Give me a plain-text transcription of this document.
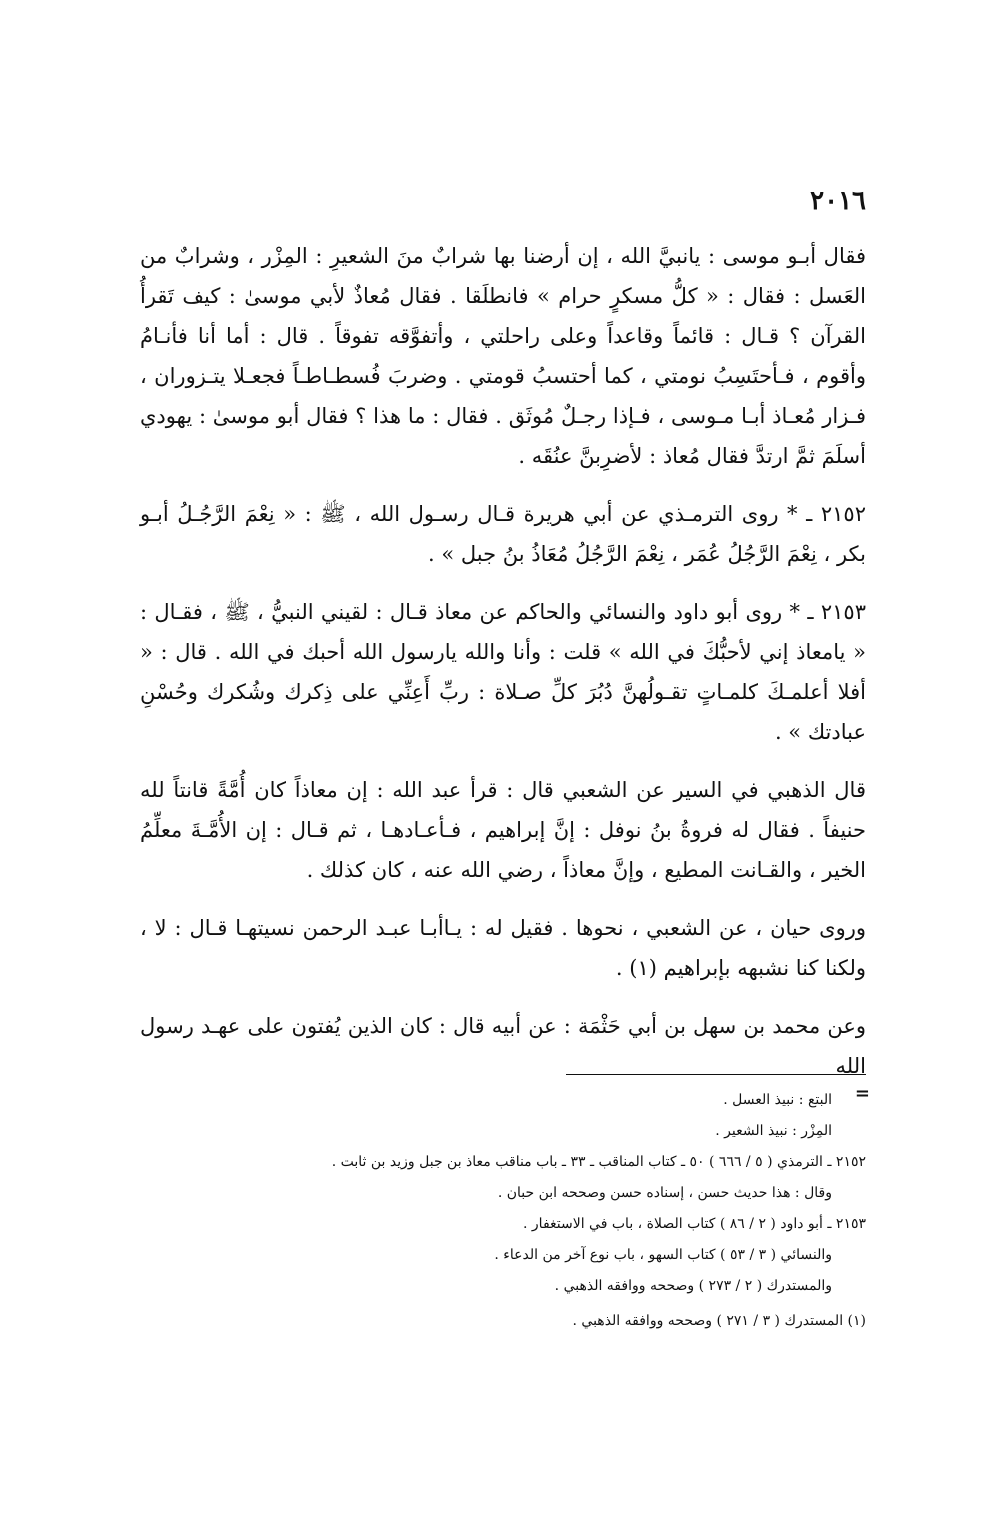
٢٠١٦

فقال أبـو موسى : يانبيَّ الله ، إن أرضنا بها شرابٌ منَ الشعيرِ : المِزْر ، وشرابٌ من العَسل : فقال : « كلُّ مسكرٍ حرام » فانطلَقا . فقال مُعاذٌ لأبي موسىٰ : كيف تَقرأُ القرآن ؟ قـال : قائماً وقاعداً وعلى راحلتي ، وأتفوَّقه تفوقاً . قال : أما أنا فأنـامُ وأقوم ، فـأحتَسِبُ نومتي ، كما أحتسبُ قومتي . وضربَ فُسطـاطـاً فجعـلا يتـزوران ، فـزار مُعـاذ أبـا مـوسى ، فـإذا رجـلٌ مُوثَق . فقال : ما هذا ؟ فقال أبو موسىٰ : يهودي أسلَمَ ثمَّ ارتدَّ فقال مُعاذ : لأضرِبنَّ عنُقَه .

٢١٥٢ ـ * روى الترمـذي عن أبي هريرة قـال رسـول الله ، ﷺ : « نِعْمَ الرَّجُـلُ أبـو بكر ، نِعْمَ الرَّجُلُ عُمَر ، نِعْمَ الرَّجُلُ مُعَاذُ بنُ جبل » .

٢١٥٣ ـ * روى أبو داود والنسائي والحاكم عن معاذ قـال : لقيني النبيُّ ، ﷺ ، فقـال : « يامعاذ إني لأحبُّكَ في الله » قلت : وأنا والله يارسول الله أحبك في الله . قال : « أفلا أعلمـكَ كلمـاتٍ تقـولُهنَّ دُبُرَ كلِّ صـلاة : ربِّ أَعِنِّي على ذِكرك وشُكرك وحُسْنِ عبادتك » .

قال الذهبي في السير عن الشعبي قال : قرأ عبد الله : إن معاذاً كان أُمَّةً قانتاً لله حنيفاً . فقال له فروةُ بنُ نوفل : إنَّ إبراهيم ، فـأعـادهـا ، ثم قـال : إن الأُمَّـةَ معلِّمُ الخير ، والقـانت المطيع ، وإنَّ معاذاً ، رضي الله عنه ، كان كذلك .

وروى حيان ، عن الشعبي ، نحوها . فقيل له : يـاأبـا عبـد الرحمن نسيتهـا قـال : لا ، ولكنا كنا نشبهه بإبراهيم (١) .

وعن محمد بن سهل بن أبي حَثْمَة : عن أبيه قال : كان الذين يُفتون على عهـد رسول الله

=
البتع : نبيذ العسل .
المِزْر : نبيذ الشعير .
٢١٥٢ ـ الترمذي ( ٥ / ٦٦٦ ) ٥٠ ـ كتاب المناقب ـ ٣٣ ـ باب مناقب معاذ بن جبل وزيد بن ثابت .
وقال : هذا حديث حسن ، إسناده حسن وصححه ابن حبان .
٢١٥٣ ـ أبو داود ( ٢ / ٨٦ ) كتاب الصلاة ، باب في الاستغفار .
والنسائي ( ٣ / ٥٣ ) كتاب السهو ، باب نوع آخر من الدعاء .
والمستدرك ( ٢ / ٢٧٣ ) وصححه ووافقه الذهبي .
(١) المستدرك ( ٣ / ٢٧١ ) وصححه ووافقه الذهبي .
